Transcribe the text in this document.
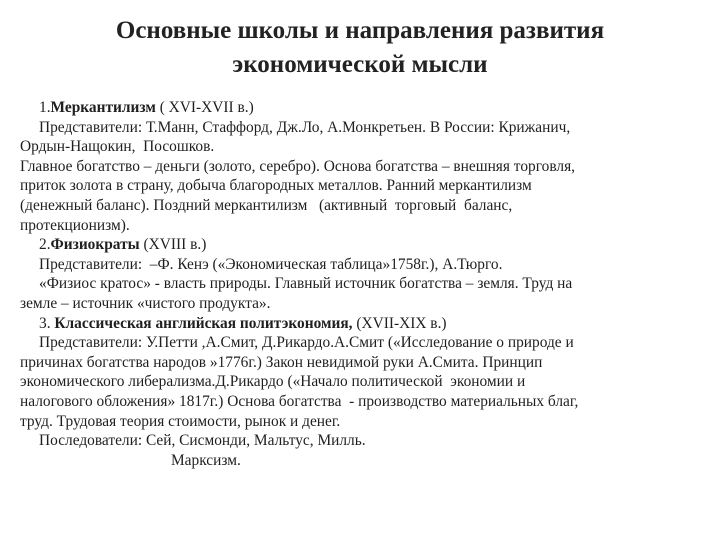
Основные школы и направления развития
экономической мысли
1.Меркантилизм ( XVI-XVII в.)
Представители: Т.Манн, Стаффорд, Дж.Ло, А.Монкретьен. В России: Крижанич,
Ордын-Нащокин,  Посошков.
Главное богатство – деньги (золото, серебро). Основа богатства – внешняя торговля,
приток золота в страну, добыча благородных металлов. Ранний меркантилизм
(денежный баланс). Поздний меркантилизм   (активный  торговый  баланс,
протекционизм).
2.Физиократы (XVIII в.)
Представители:  –Ф. Кенэ («Экономическая таблица»1758г.), А.Тюрго.
«Физиос кратос» - власть природы. Главный источник богатства – земля. Труд на
земле – источник «чистого продукта».
3. Классическая английская политэкономия, (XVII-XIX в.)
Представители: У.Петти ,А.Смит, Д.Рикардо.А.Смит («Исследование о природе и
причинах богатства народов »1776г.) Закон невидимой руки А.Смита. Принцип
экономического либерализма.Д.Рикардо («Начало политической  экономии и
налогового обложения» 1817г.) Основа богатства  - производство материальных благ,
труд. Трудовая теория стоимости, рынок и денег.
Последователи: Сей, Сисмонди, Мальтус, Милль.
Марксизм.
